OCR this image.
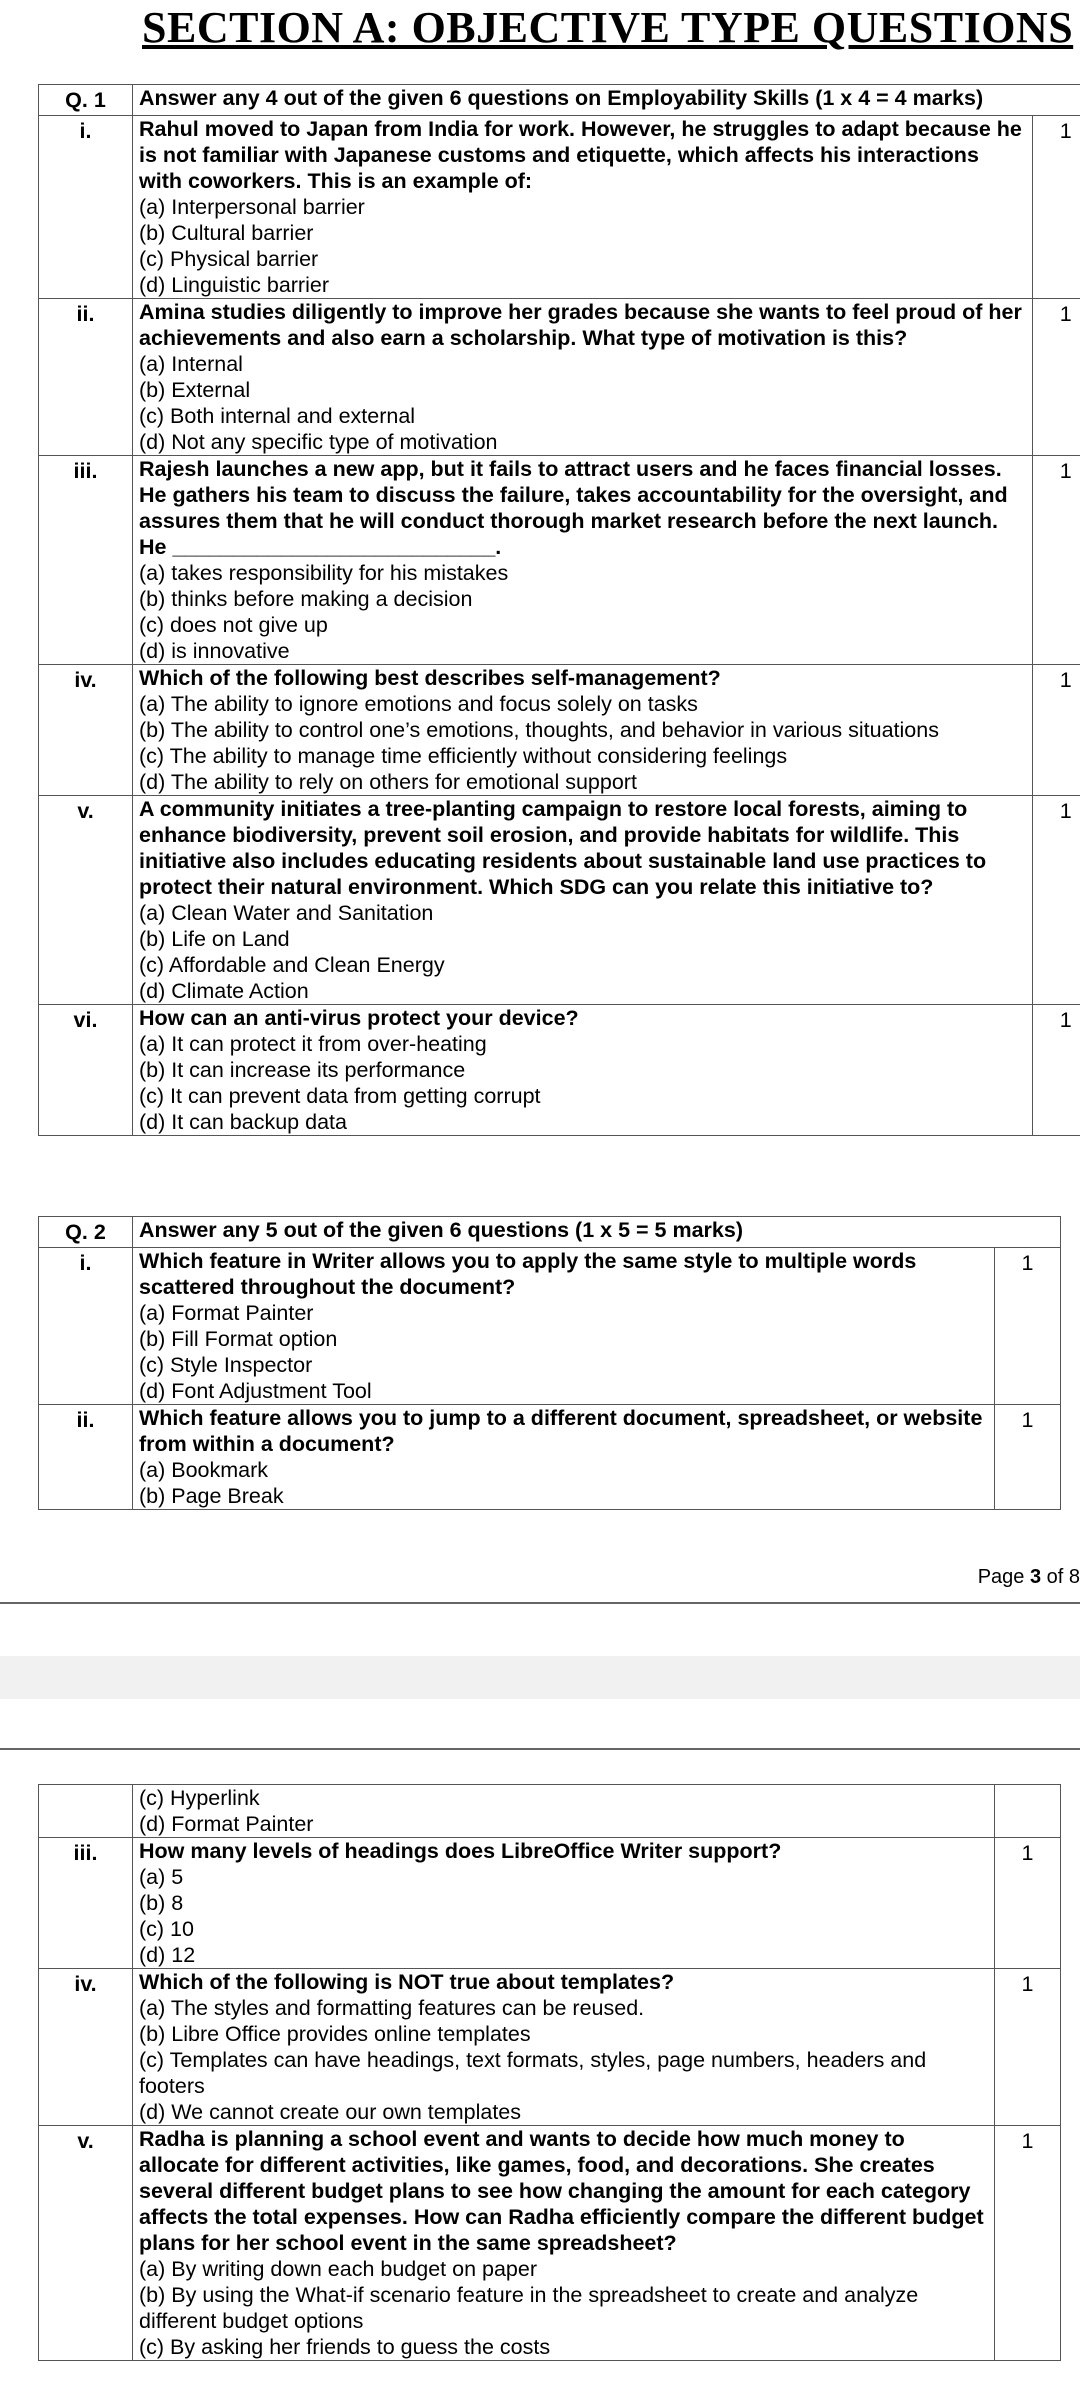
SECTION A: OBJECTIVE TYPE QUESTIONS
Q. 1	Answer any 4 out of the given 6 questions on Employability Skills (1 x 4 = 4 marks)	
i.	Rahul moved to Japan from India for work. However, he struggles to adapt because he is not familiar with Japanese customs and etiquette, which affects his interactions with coworkers. This is an example of:
(a) Interpersonal barrier
(b) Cultural barrier
(c) Physical barrier
(d) Linguistic barrier	1
ii.	Amina studies diligently to improve her grades because she wants to feel proud of her achievements and also earn a scholarship. What type of motivation is this?
(a) Internal
(b) External
(c) Both internal and external
(d) Not any specific type of motivation	1
iii.	Rajesh launches a new app, but it fails to attract users and he faces financial losses. He gathers his team to discuss the failure, takes accountability for the oversight, and assures them that he will conduct thorough market research before the next launch. He ___________________________.
(a) takes responsibility for his mistakes
(b) thinks before making a decision
(c) does not give up
(d) is innovative	1
iv.	Which of the following best describes self-management?
(a) The ability to ignore emotions and focus solely on tasks
(b) The ability to control one’s emotions, thoughts, and behavior in various situations
(c) The ability to manage time efficiently without considering feelings
(d) The ability to rely on others for emotional support	1
v.	A community initiates a tree-planting campaign to restore local forests, aiming to enhance biodiversity, prevent soil erosion, and provide habitats for wildlife. This initiative also includes educating residents about sustainable land use practices to protect their natural environment. Which SDG can you relate this initiative to?
(a) Clean Water and Sanitation
(b) Life on Land
(c) Affordable and Clean Energy
(d) Climate Action	1
vi.	How can an anti-virus protect your device?
(a) It can protect it from over-heating
(b) It can increase its performance
(c) It can prevent data from getting corrupt
(d) It can backup data	1
Q. 2	Answer any 5 out of the given 6 questions (1 x 5 = 5 marks)	
i.	Which feature in Writer allows you to apply the same style to multiple words scattered throughout the document?
(a) Format Painter
(b) Fill Format option
(c) Style Inspector
(d) Font Adjustment Tool	1
ii.	Which feature allows you to jump to a different document, spreadsheet, or website from within a document?
(a) Bookmark
(b) Page Break	1
Page 3 of 8

	(c) Hyperlink
(d) Format Painter	

iii.	How many levels of headings does LibreOffice Writer support?
(a) 5
(b) 8
(c) 10
(d) 12	1
iv.	Which of the following is NOT true about templates?
(a) The styles and formatting features can be reused.
(b) Libre Office provides online templates
(c) Templates can have headings, text formats, styles, page numbers, headers and footers
(d) We cannot create our own templates	1
v.	Radha is planning a school event and wants to decide how much money to allocate for different activities, like games, food, and decorations. She creates several different budget plans to see how changing the amount for each category affects the total expenses. How can Radha efficiently compare the different budget plans for her school event in the same spreadsheet?
(a) By writing down each budget on paper
(b) By using the What-if scenario feature in the spreadsheet to create and analyze different budget options
(c) By asking her friends to guess the costs	1
